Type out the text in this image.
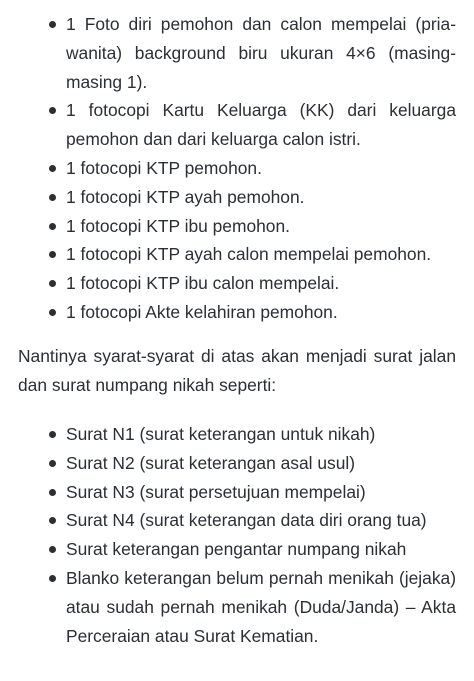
1 Foto diri pemohon dan calon mempelai (pria-wanita) background biru ukuran 4×6 (masing-masing 1).
1 fotocopi Kartu Keluarga (KK) dari keluarga pemohon dan dari keluarga calon istri.
1 fotocopi KTP pemohon.
1 fotocopi KTP ayah pemohon.
1 fotocopi KTP ibu pemohon.
1 fotocopi KTP ayah calon mempelai pemohon.
1 fotocopi KTP ibu calon mempelai.
1 fotocopi Akte kelahiran pemohon.

Nantinya syarat-syarat di atas akan menjadi surat jalan dan surat numpang nikah seperti:

Surat N1 (surat keterangan untuk nikah)
Surat N2 (surat keterangan asal usul)
Surat N3 (surat persetujuan mempelai)
Surat N4 (surat keterangan data diri orang tua)
Surat keterangan pengantar numpang nikah
Blanko keterangan belum pernah menikah (jejaka) atau sudah pernah menikah (Duda/Janda) – Akta Perceraian atau Surat Kematian.
